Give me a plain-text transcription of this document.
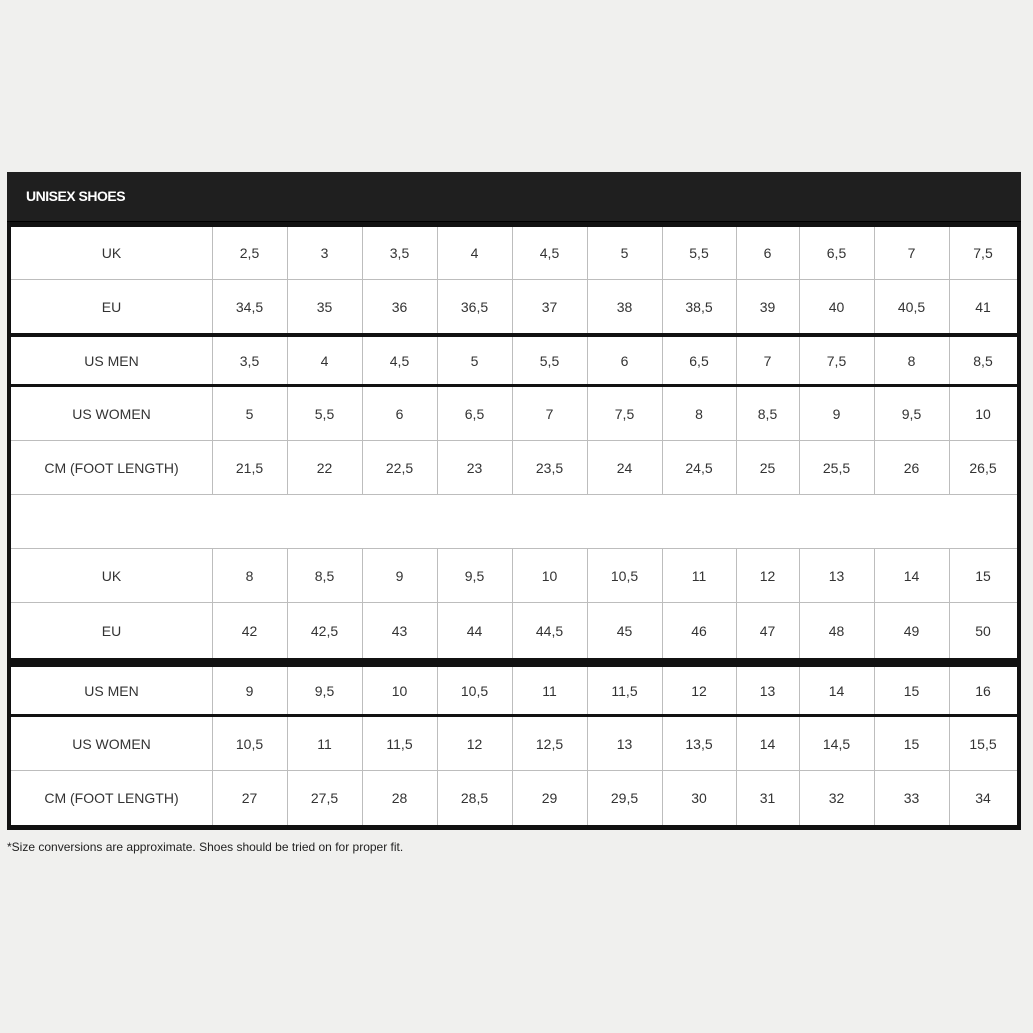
UNISEX SHOES
UK	2,5	3	3,5	4	4,5	5	5,5	6	6,5	7	7,5
EU	34,5	35	36	36,5	37	38	38,5	39	40	40,5	41
US MEN	3,5	4	4,5	5	5,5	6	6,5	7	7,5	8	8,5
US WOMEN	5	5,5	6	6,5	7	7,5	8	8,5	9	9,5	10
CM (FOOT LENGTH)	21,5	22	22,5	23	23,5	24	24,5	25	25,5	26	26,5
UK	8	8,5	9	9,5	10	10,5	11	12	13	14	15
EU	42	42,5	43	44	44,5	45	46	47	48	49	50
US MEN	9	9,5	10	10,5	11	11,5	12	13	14	15	16
US WOMEN	10,5	11	11,5	12	12,5	13	13,5	14	14,5	15	15,5
CM (FOOT LENGTH)	27	27,5	28	28,5	29	29,5	30	31	32	33	34
*Size conversions are approximate. Shoes should be tried on for proper fit.
